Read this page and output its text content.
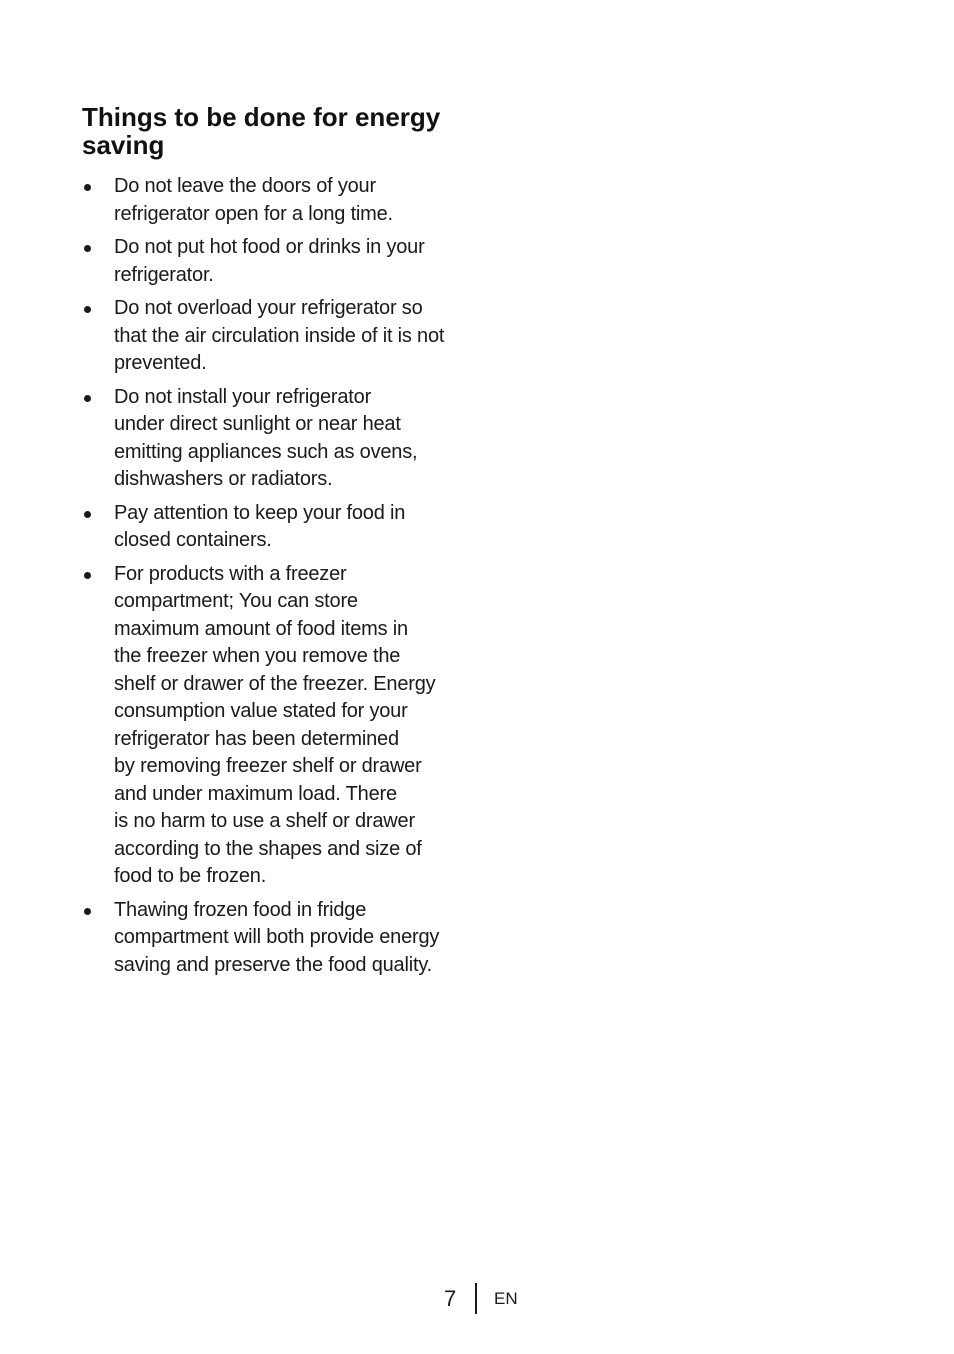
Things to be done for energy saving
Do not leave the doors of your
refrigerator open for a long time.
Do not put hot food or drinks in your
refrigerator.
Do not overload your refrigerator so
that the air circulation inside of it is not
prevented.
Do not install your refrigerator
under direct sunlight or near heat
emitting appliances such as ovens,
dishwashers or radiators.
Pay attention to keep your food in
closed containers.
For products with a freezer
compartment; You can store
maximum amount of food items in
the freezer when you remove the
shelf or drawer of the freezer. Energy
consumption value stated for your
refrigerator has been determined
by removing freezer shelf or drawer
and under maximum load. There
is no harm to use a shelf or drawer
according to the shapes and size of
food to be frozen.
Thawing frozen food in fridge
compartment will both provide energy
saving and preserve the food quality.
7 EN
